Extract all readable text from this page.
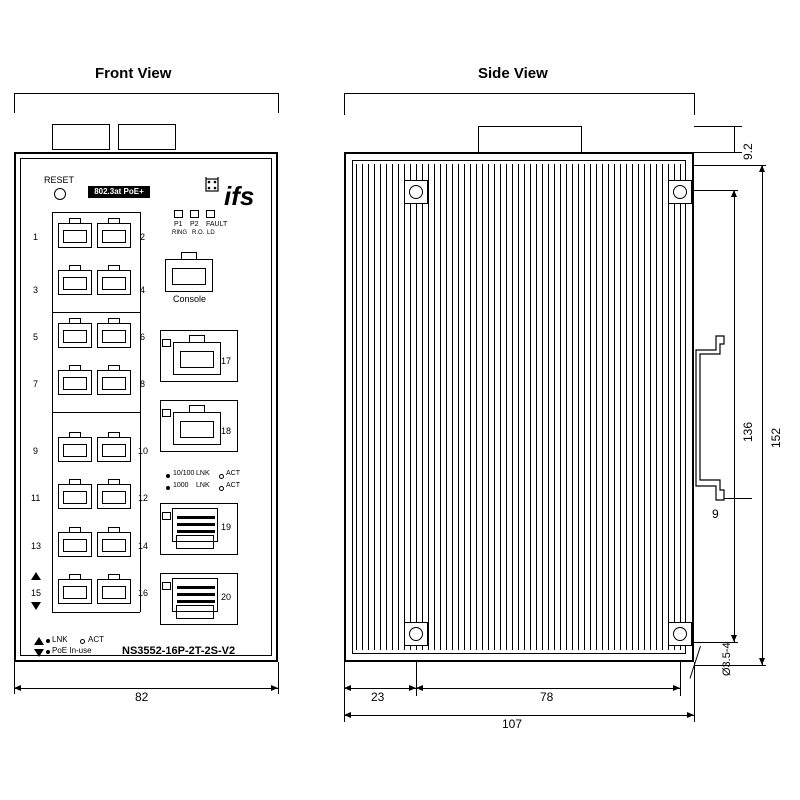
Front View	Side View
RESET
802.3at PoE+	ifs
P1 P2 FAULT
RING R.O. LD
Console
1
3
5
7
9
11
13
15
2
4
6
8
10
12
14
16
17
18
10/100 LNK ACT
1000 LNK ACT
19
20
LNK	ACT
PoE In-use	NS3552-16P-2T-2S-V2
82
9.2
136 152
9
23	78
107
Ø3.5-4
